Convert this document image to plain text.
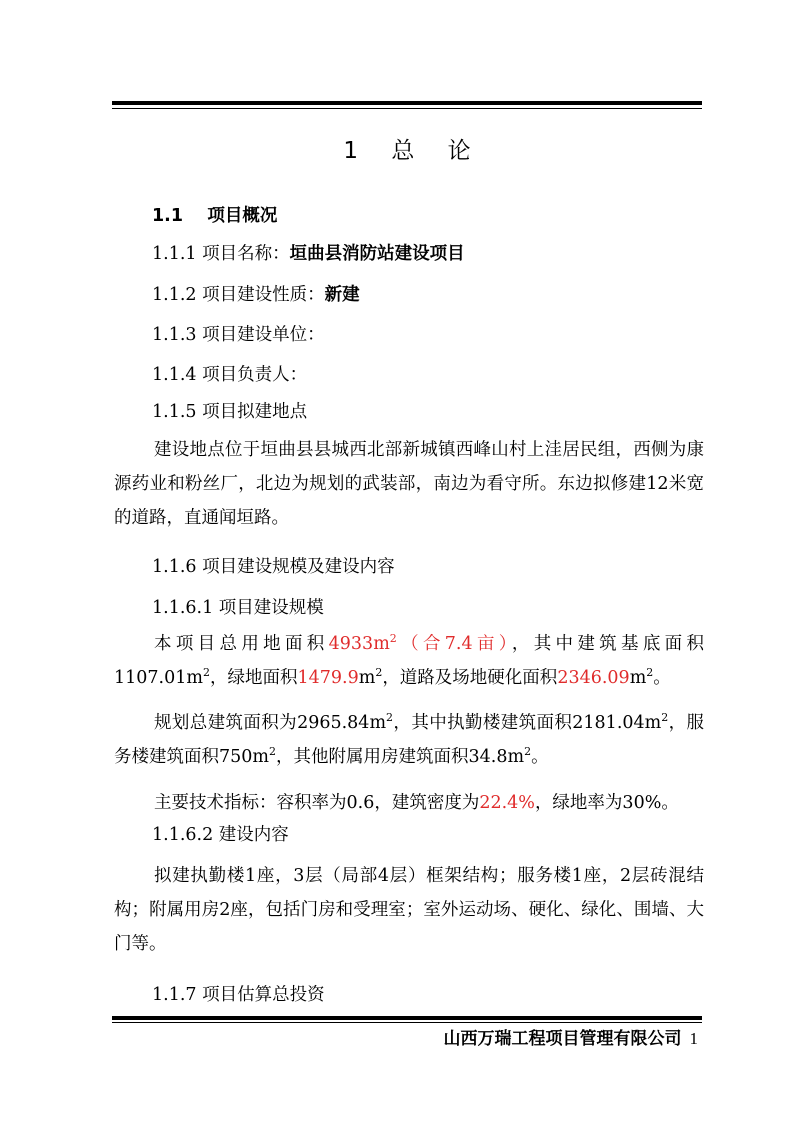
1 总 论
1.1 项目概况
1.1.1 项目名称：垣曲县消防站建设项目
1.1.2 项目建设性质：新建
1.1.3 项目建设单位：
1.1.4 项目负责人：
1.1.5 项目拟建地点
建设地点位于垣曲县县城西北部新城镇西峰山村上洼居民组，西侧为康源药业和粉丝厂，北边为规划的武装部，南边为看守所。东边拟修建12米宽的道路，直通闻垣路。
1.1.6 项目建设规模及建设内容
1.1.6.1 项目建设规模
本项目总用地面积$4933m^2$（合7.4亩），其中建筑基底面积$1107.01m^2$，绿地面积$1479.9m^2$，道路及场地硬化面积$2346.09m^2$。
规划总建筑面积为$2965.84m^2$，其中执勤楼建筑面积$2181.04m^2$，服务楼建筑面积$750m^2$，其他附属用房建筑面积$34.8m^2$。
主要技术指标：容积率为0.6，建筑密度为22.4%，绿地率为30%。
1.1.6.2 建设内容
拟建执勤楼1座，3层（局部4层）框架结构；服务楼1座，2层砖混结构；附属用房2座，包括门房和受理室；室外运动场、硬化、绿化、围墙、大门等。
1.1.7 项目估算总投资
山西万瑞工程项目管理有限公司 1
